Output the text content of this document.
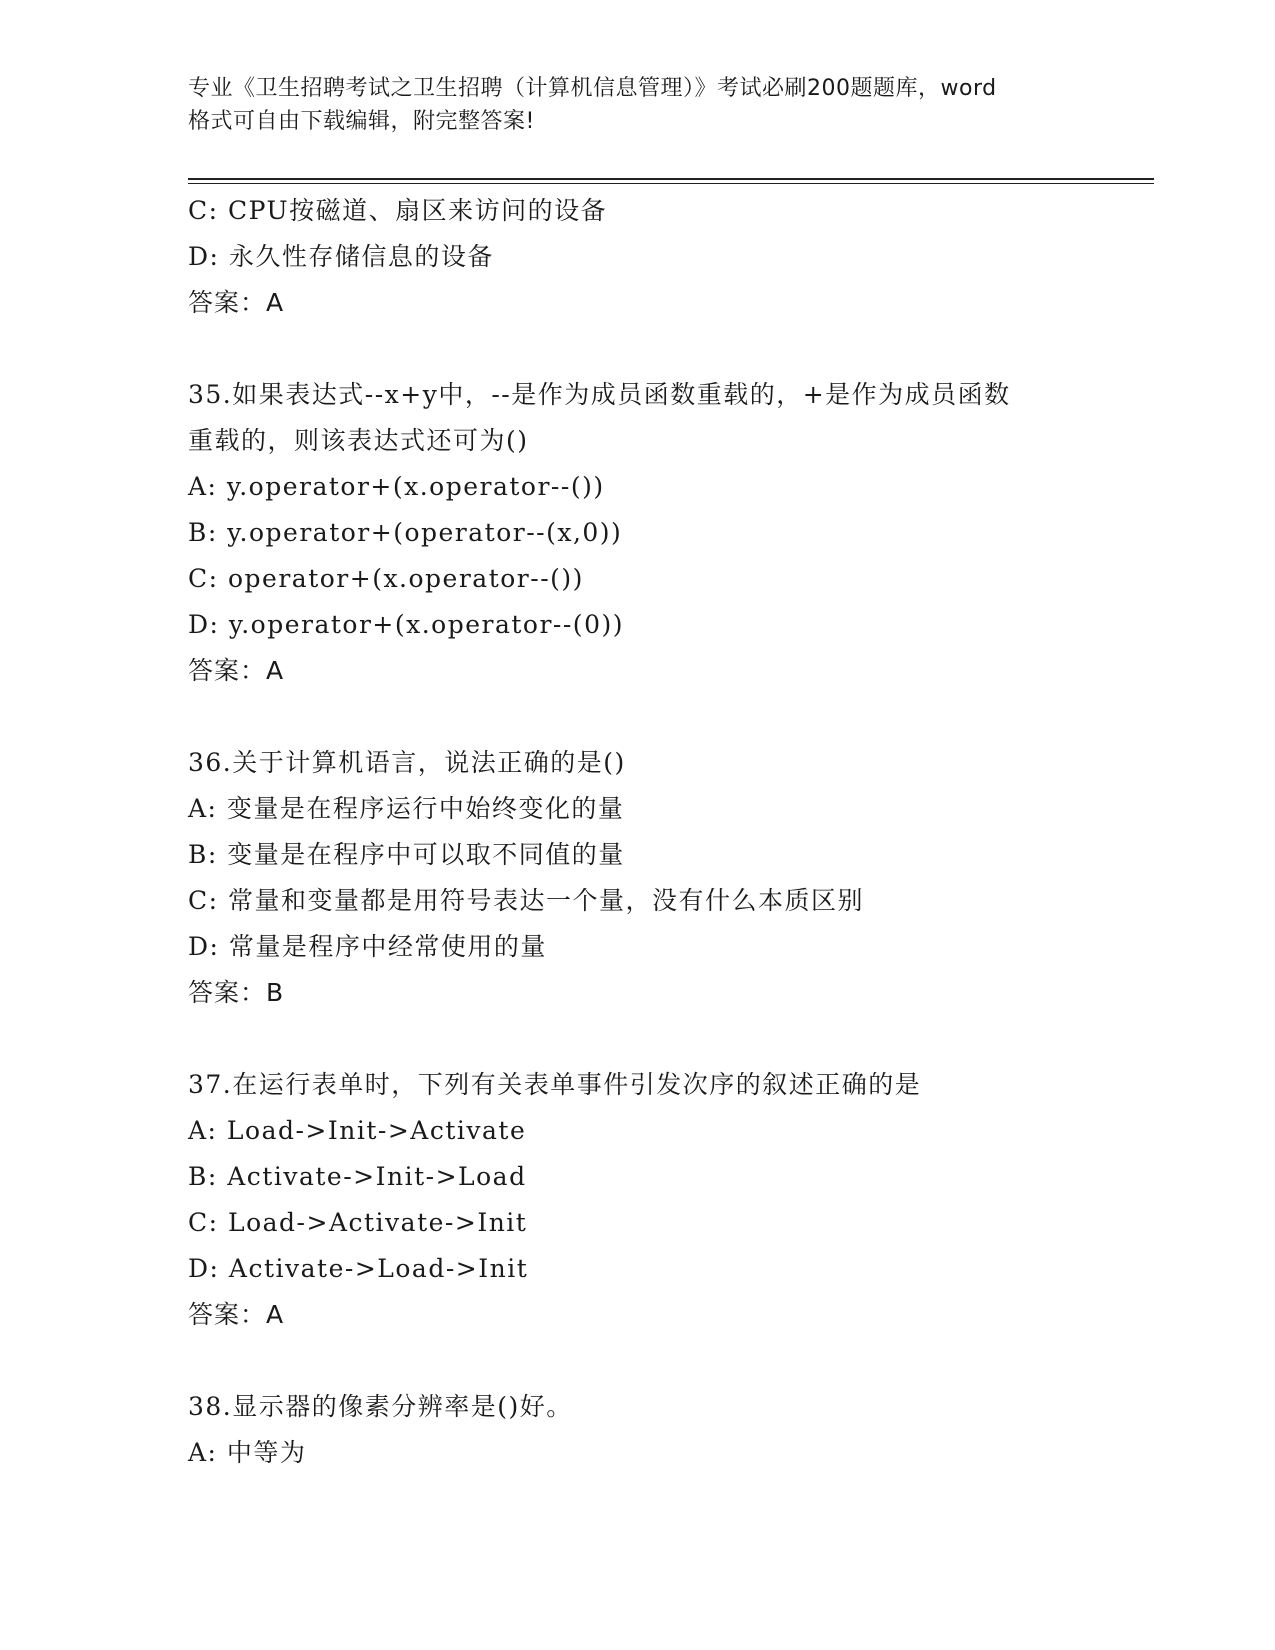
专业《卫生招聘考试之卫生招聘（计算机信息管理）》考试必刷200题题库，word
格式可自由下载编辑，附完整答案!
C: CPU按磁道、扇区来访问的设备
D: 永久性存储信息的设备
答案：A
35.如果表达式--x+y中，--是作为成员函数重载的，+是作为成员函数
重载的，则该表达式还可为()
A: y.operator+(x.operator--())
B: y.operator+(operator--(x,0))
C: operator+(x.operator--())
D: y.operator+(x.operator--(0))
答案：A
36.关于计算机语言，说法正确的是()
A: 变量是在程序运行中始终变化的量
B: 变量是在程序中可以取不同值的量
C: 常量和变量都是用符号表达一个量，没有什么本质区别
D: 常量是程序中经常使用的量
答案：B
37.在运行表单时，下列有关表单事件引发次序的叙述正确的是
A: Load->Init->Activate
B: Activate->Init->Load
C: Load->Activate->Init
D: Activate->Load->Init
答案：A
38.显示器的像素分辨率是()好。
A: 中等为
